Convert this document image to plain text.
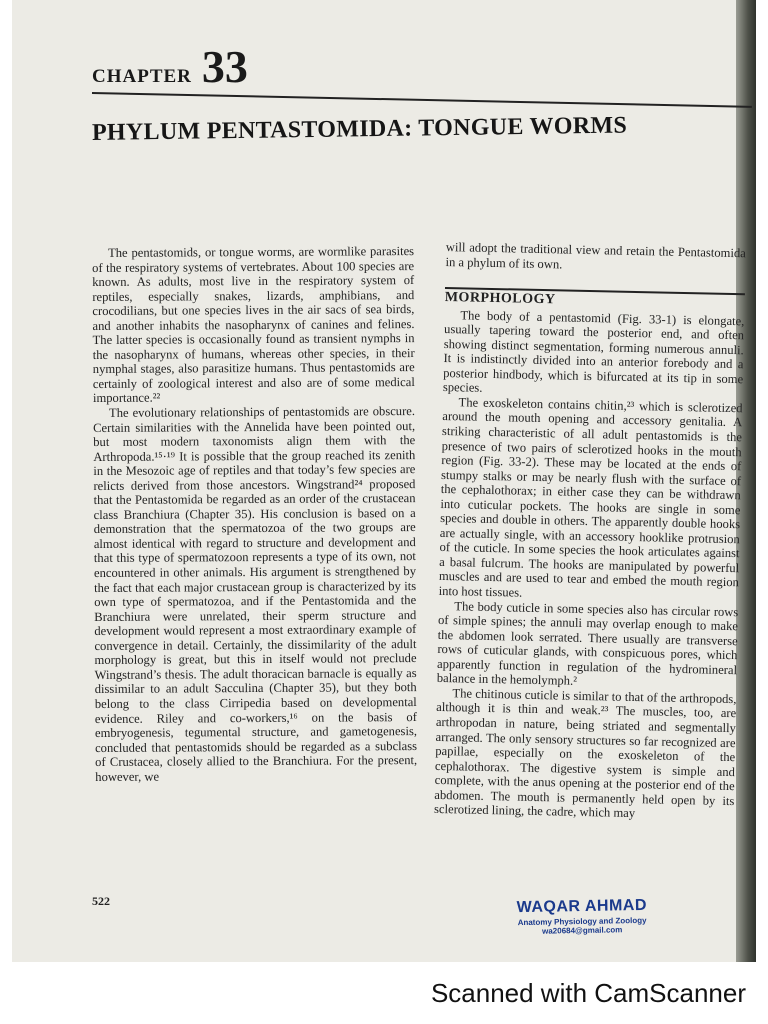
CHAPTER 33
PHYLUM PENTASTOMIDA: TONGUE WORMS

The pentastomids, or tongue worms, are wormlike parasites of the respiratory systems of vertebrates. About 100 species are known. As adults, most live in the respiratory system of reptiles, especially snakes, lizards, amphibians, and crocodilians, but one species lives in the air sacs of sea birds, and another inhabits the nasopharynx of canines and felines. The latter species is occasionally found as transient nymphs in the nasopharynx of humans, whereas other species, in their nymphal stages, also parasitize humans. Thus pentastomids are certainly of zoological interest and also are of some medical importance.²²

The evolutionary relationships of pentastomids are obscure. Certain similarities with the Annelida have been pointed out, but most modern taxonomists align them with the Arthropoda.¹⁵·¹⁹ It is possible that the group reached its zenith in the Mesozoic age of reptiles and that today’s few species are relicts derived from those ancestors. Wingstrand²⁴ proposed that the Pentastomida be regarded as an order of the crustacean class Branchiura (Chapter 35). His conclusion is based on a demonstration that the spermatozoa of the two groups are almost identical with regard to structure and development and that this type of spermatozoon represents a type of its own, not encountered in other animals. His argument is strengthened by the fact that each major crustacean group is characterized by its own type of spermatozoa, and if the Pentastomida and the Branchiura were unrelated, their sperm structure and development would represent a most extraordinary example of convergence in detail. Certainly, the dissimilarity of the adult morphology is great, but this in itself would not preclude Wingstrand’s thesis. The adult thoracican barnacle is equally as dissimilar to an adult Sacculina (Chapter 35), but they both belong to the class Cirripedia based on developmental evidence. Riley and co-workers,¹⁶ on the basis of embryogenesis, tegumental structure, and gametogenesis, concluded that pentastomids should be regarded as a subclass of Crustacea, closely allied to the Branchiura. For the present, however, we

will adopt the traditional view and retain the Pentastomida in a phylum of its own.

MORPHOLOGY

The body of a pentastomid (Fig. 33-1) is elongate, usually tapering toward the posterior end, and often showing distinct segmentation, forming numerous annuli. It is indistinctly divided into an anterior forebody and a posterior hindbody, which is bifurcated at its tip in some species.

The exoskeleton contains chitin,²³ which is sclerotized around the mouth opening and accessory genitalia. A striking characteristic of all adult pentastomids is the presence of two pairs of sclerotized hooks in the mouth region (Fig. 33-2). These may be located at the ends of stumpy stalks or may be nearly flush with the surface of the cephalothorax; in either case they can be withdrawn into cuticular pockets. The hooks are single in some species and double in others. The apparently double hooks are actually single, with an accessory hooklike protrusion of the cuticle. In some species the hook articulates against a basal fulcrum. The hooks are manipulated by powerful muscles and are used to tear and embed the mouth region into host tissues.

The body cuticle in some species also has circular rows of simple spines; the annuli may overlap enough to make the abdomen look serrated. There usually are transverse rows of cuticular glands, with conspicuous pores, which apparently function in regulation of the hydromineral balance in the hemolymph.²

The chitinous cuticle is similar to that of the arthropods, although it is thin and weak.²³ The muscles, too, are arthropodan in nature, being striated and segmentally arranged. The only sensory structures so far recognized are papillae, especially on the exoskeleton of the cephalothorax. The digestive system is simple and complete, with the anus opening at the posterior end of the abdomen. The mouth is permanently held open by its sclerotized lining, the cadre, which may

522	WAQAR AHMAD
Anatomy Physiology and Zoology
wa20684@gmail.com
Scanned with CamScanner
